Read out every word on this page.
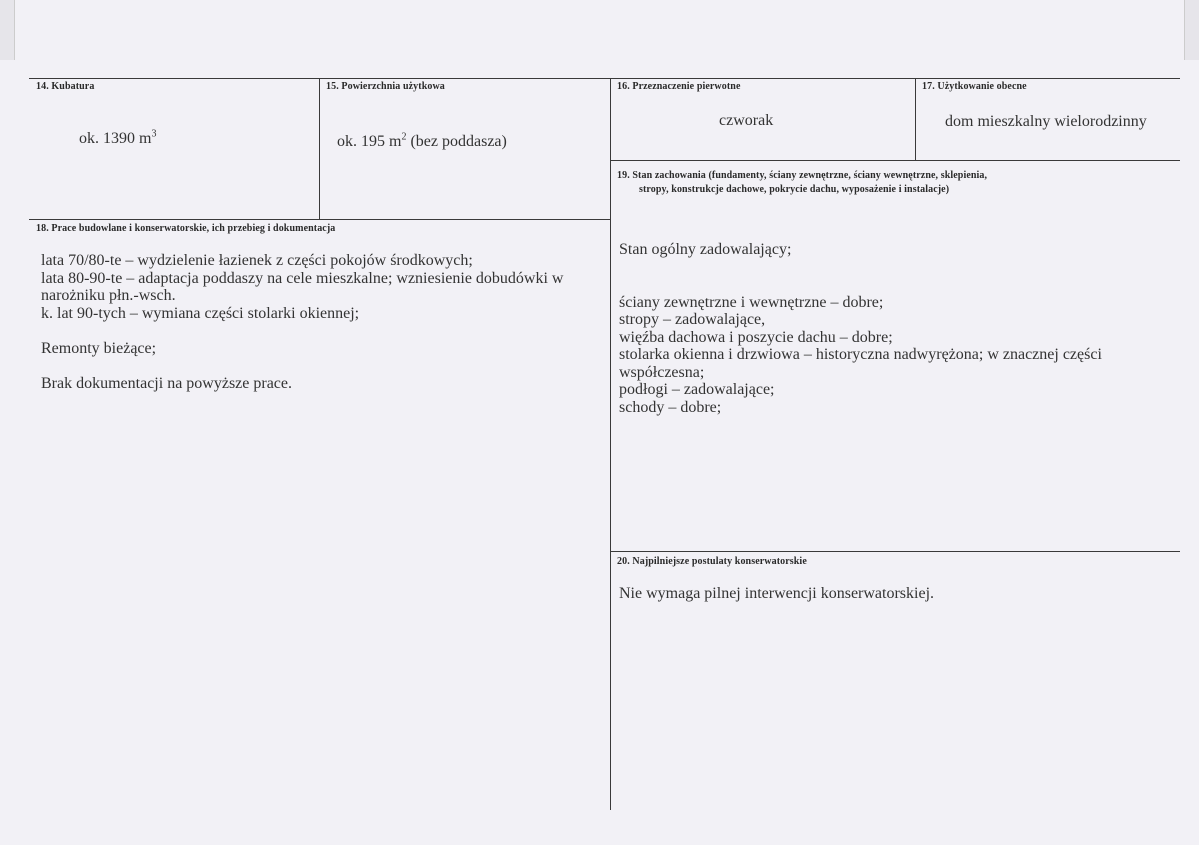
14. Kubatura
ok. 1390 $m^3$
15. Powierzchnia użytkowa
ok. 195 $m^2$ (bez poddasza)
16. Przeznaczenie pierwotne
czworak
17. Użytkowanie obecne
dom mieszkalny wielorodzinny
19. Stan zachowania (fundamenty, ściany zewnętrzne, ściany wewnętrzne, sklepienia,
stropy, konstrukcje dachowe, pokrycie dachu, wyposażenie i instalacje)

Stan ogólny zadowalający;

ściany zewnętrzne i wewnętrzne – dobre;

stropy – zadowalające,

więźba dachowa i poszycie dachu – dobre;

stolarka okienna i drzwiowa – historyczna nadwyrężona; w znacznej części

współczesna;

podłogi – zadowalające;

schody – dobre;

18. Prace budowlane i konserwatorskie, ich przebieg i dokumentacja

lata 70/80-te – wydzielenie łazienek z części pokojów środkowych;

lata 80-90-te – adaptacja poddaszy na cele mieszkalne; wzniesienie dobudówki w

narożniku płn.-wsch.

k. lat 90-tych – wymiana części stolarki okiennej;

Remonty bieżące;

Brak dokumentacji na powyższe prace.

20. Najpilniejsze postulaty konserwatorskie
Nie wymaga pilnej interwencji konserwatorskiej.
